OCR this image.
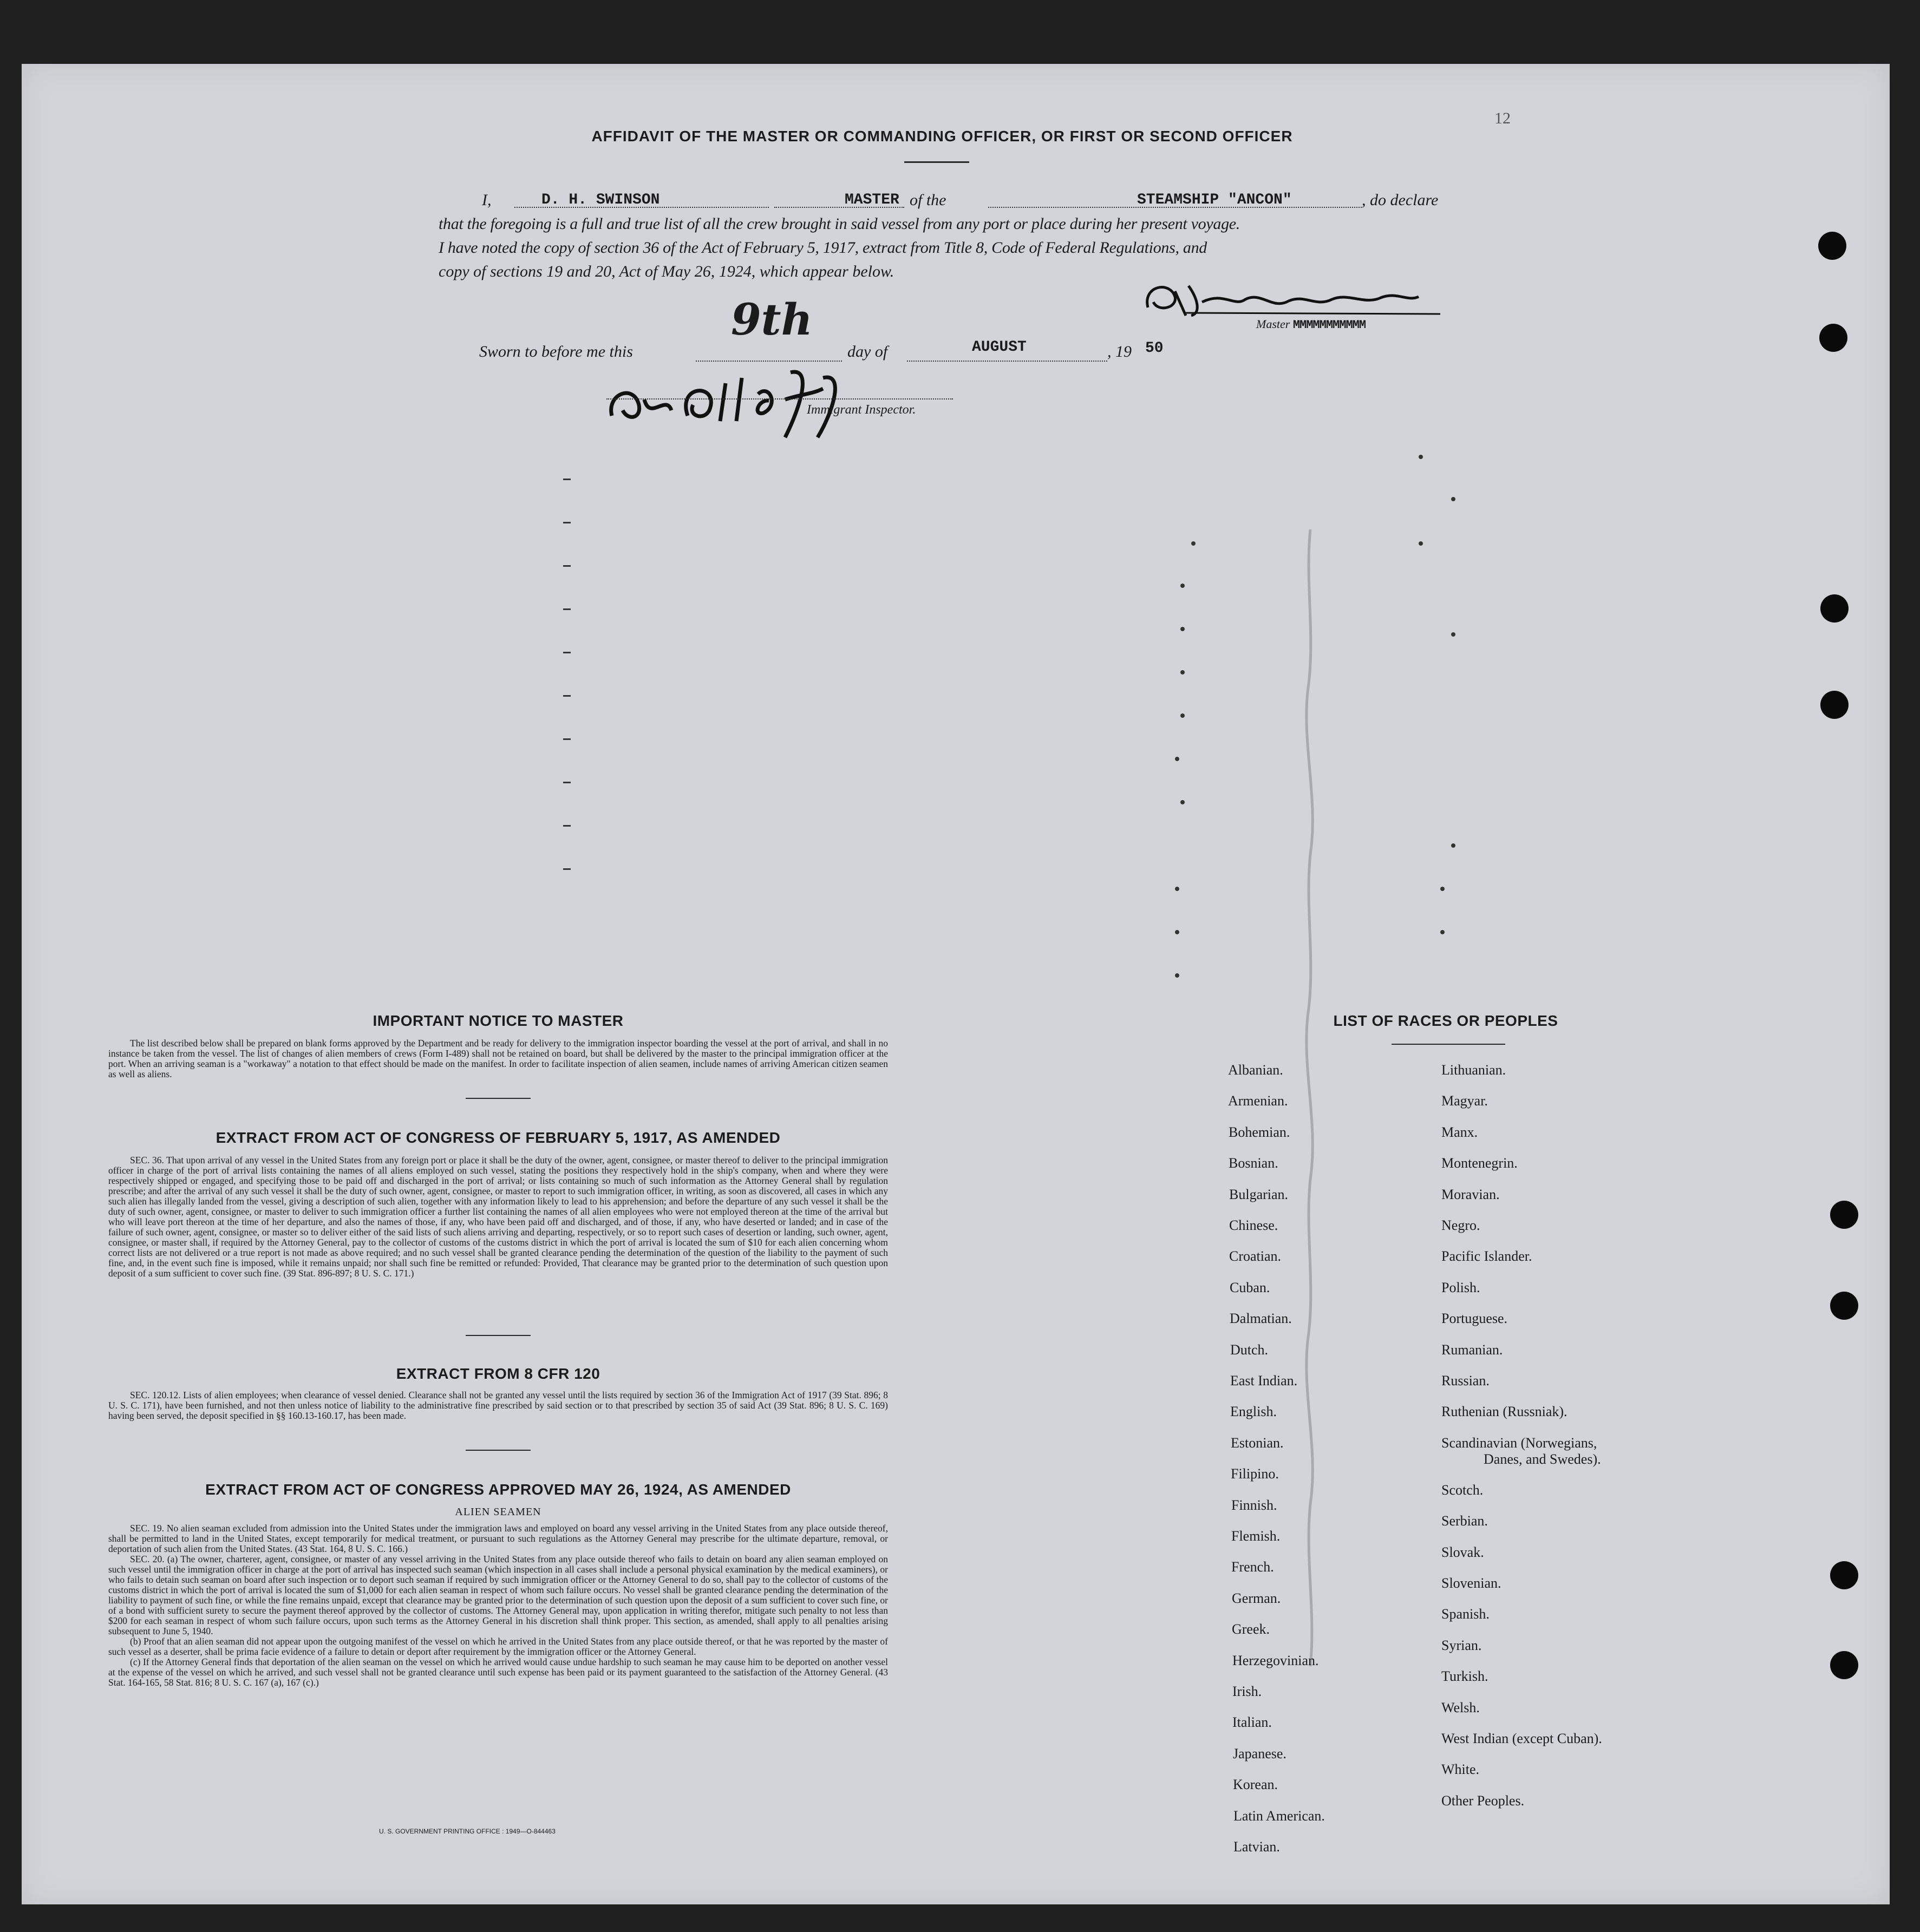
12
AFFIDAVIT OF THE MASTER OR COMMANDING OFFICER, OR FIRST OR SECOND OFFICER
I,	D. H. SWINSON	MASTER of the	STEAMSHIP "ANCON"	, do declare
that the foregoing is a full and true list of all the crew brought in said vessel from any port or place during her present voyage.
I have noted the copy of section 36 of the Act of February 5, 1917, extract from Title 8, Code of Federal Regulations, and
copy of sections 19 and 20, Act of May 26, 1924, which appear below.
Master MMMMMMMMMMM
Sworn to before me this
9th
day of	AUGUST	, 19 50
Immigrant Inspector.
IMPORTANT NOTICE TO MASTER

The list described below shall be prepared on blank forms approved by the Department and be ready for delivery to the immigration inspector boarding the vessel at the port of arrival, and shall in no instance be taken from the vessel. The list of changes of alien members of crews (Form I-489) shall not be retained on board, but shall be delivered by the master to the principal immigration officer at the port. When an arriving seaman is a "workaway" a notation to that effect should be made on the manifest. In order to facilitate inspection of alien seamen, include names of arriving American citizen seamen as well as aliens.

EXTRACT FROM ACT OF CONGRESS OF FEBRUARY 5, 1917, AS AMENDED

SEC. 36. That upon arrival of any vessel in the United States from any foreign port or place it shall be the duty of the owner, agent, consignee, or master thereof to deliver to the principal immigration officer in charge of the port of arrival lists containing the names of all aliens employed on such vessel, stating the positions they respectively hold in the ship's company, when and where they were respectively shipped or engaged, and specifying those to be paid off and discharged in the port of arrival; or lists containing so much of such information as the Attorney General shall by regulation prescribe; and after the arrival of any such vessel it shall be the duty of such owner, agent, consignee, or master to report to such immigration officer, in writing, as soon as discovered, all cases in which any such alien has illegally landed from the vessel, giving a description of such alien, together with any information likely to lead to his apprehension; and before the departure of any such vessel it shall be the duty of such owner, agent, consignee, or master to deliver to such immigration officer a further list containing the names of all alien employees who were not employed thereon at the time of the arrival but who will leave port thereon at the time of her departure, and also the names of those, if any, who have been paid off and discharged, and of those, if any, who have deserted or landed; and in case of the failure of such owner, agent, consignee, or master so to deliver either of the said lists of such aliens arriving and departing, respectively, or so to report such cases of desertion or landing, such owner, agent, consignee, or master shall, if required by the Attorney General, pay to the collector of customs of the customs district in which the port of arrival is located the sum of $10 for each alien concerning whom correct lists are not delivered or a true report is not made as above required; and no such vessel shall be granted clearance pending the determination of the question of the liability to the payment of such fine, and, in the event such fine is imposed, while it remains unpaid; nor shall such fine be remitted or refunded: Provided, That clearance may be granted prior to the determination of such question upon deposit of a sum sufficient to cover such fine. (39 Stat. 896-897; 8 U. S. C. 171.)

EXTRACT FROM 8 CFR 120

SEC. 120.12. Lists of alien employees; when clearance of vessel denied. Clearance shall not be granted any vessel until the lists required by section 36 of the Immigration Act of 1917 (39 Stat. 896; 8 U. S. C. 171), have been furnished, and not then unless notice of liability to the administrative fine prescribed by said section or to that prescribed by section 35 of said Act (39 Stat. 896; 8 U. S. C. 169) having been served, the deposit specified in §§ 160.13-160.17, has been made.

EXTRACT FROM ACT OF CONGRESS APPROVED MAY 26, 1924, AS AMENDED
ALIEN SEAMEN

SEC. 19. No alien seaman excluded from admission into the United States under the immigration laws and employed on board any vessel arriving in the United States from any place outside thereof, shall be permitted to land in the United States, except temporarily for medical treatment, or pursuant to such regulations as the Attorney General may prescribe for the ultimate departure, removal, or deportation of such alien from the United States. (43 Stat. 164, 8 U. S. C. 166.)

SEC. 20. (a) The owner, charterer, agent, consignee, or master of any vessel arriving in the United States from any place outside thereof who fails to detain on board any alien seaman employed on such vessel until the immigration officer in charge at the port of arrival has inspected such seaman (which inspection in all cases shall include a personal physical examination by the medical examiners), or who fails to detain such seaman on board after such inspection or to deport such seaman if required by such immigration officer or the Attorney General to do so, shall pay to the collector of customs of the customs district in which the port of arrival is located the sum of $1,000 for each alien seaman in respect of whom such failure occurs. No vessel shall be granted clearance pending the determination of the liability to payment of such fine, or while the fine remains unpaid, except that clearance may be granted prior to the determination of such question upon the deposit of a sum sufficient to cover such fine, or of a bond with sufficient surety to secure the payment thereof approved by the collector of customs. The Attorney General may, upon application in writing therefor, mitigate such penalty to not less than $200 for each seaman in respect of whom such failure occurs, upon such terms as the Attorney General in his discretion shall think proper. This section, as amended, shall apply to all penalties arising subsequent to June 5, 1940.

(b) Proof that an alien seaman did not appear upon the outgoing manifest of the vessel on which he arrived in the United States from any place outside thereof, or that he was reported by the master of such vessel as a deserter, shall be prima facie evidence of a failure to detain or deport after requirement by the immigration officer or the Attorney General.

(c) If the Attorney General finds that deportation of the alien seaman on the vessel on which he arrived would cause undue hardship to such seaman he may cause him to be deported on another vessel at the expense of the vessel on which he arrived, and such vessel shall not be granted clearance until such expense has been paid or its payment guaranteed to the satisfaction of the Attorney General. (43 Stat. 164-165, 58 Stat. 816; 8 U. S. C. 167 (a), 167 (c).)

U. S. GOVERNMENT PRINTING OFFICE : 1949—O-844463
LIST OF RACES OR PEOPLES
Albanian.
Armenian.
Bohemian.
Bosnian.
Bulgarian.
Chinese.
Croatian.
Cuban.
Dalmatian.
Dutch.
East Indian.
English.
Estonian.
Filipino.
Finnish.
Flemish.
French.
German.
Greek.
Herzegovinian.
Irish.
Italian.
Japanese.
Korean.
Latin American.
Latvian.
Lithuanian.
Magyar.
Manx.
Montenegrin.
Moravian.
Negro.
Pacific Islander.
Polish.
Portuguese.
Rumanian.
Russian.
Ruthenian (Russniak).
Scandinavian (Norwegians,
Danes, and Swedes).
Scotch.
Serbian.
Slovak.
Slovenian.
Spanish.
Syrian.
Turkish.
Welsh.
West Indian (except Cuban).
White.
Other Peoples.
